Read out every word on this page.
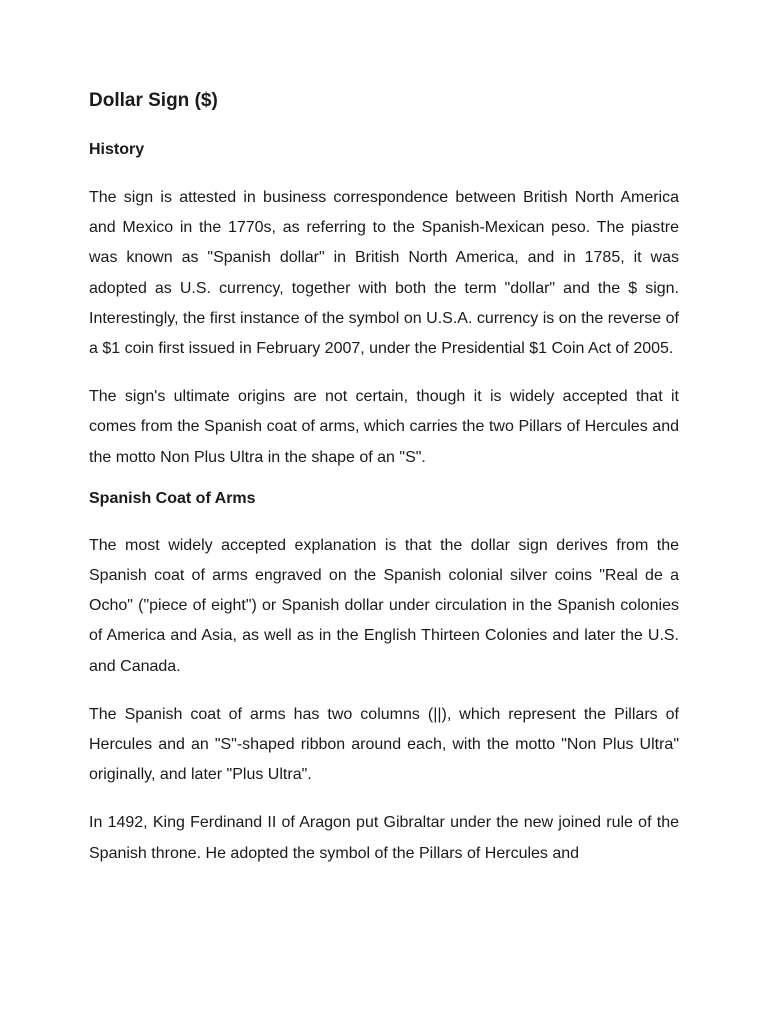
Dollar Sign ($)
History

The sign is attested in business correspondence between British North America and Mexico in the 1770s, as referring to the Spanish-Mexican peso. The piastre was known as "Spanish dollar" in British North America, and in 1785, it was adopted as U.S. currency, together with both the term "dollar" and the $ sign. Interestingly, the first instance of the symbol on U.S.A. currency is on the reverse of a $1 coin first issued in February 2007, under the Presidential $1 Coin Act of 2005.

The sign's ultimate origins are not certain, though it is widely accepted that it comes from the Spanish coat of arms, which carries the two Pillars of Hercules and the motto Non Plus Ultra in the shape of an "S".

Spanish Coat of Arms

The most widely accepted explanation is that the dollar sign derives from the Spanish coat of arms engraved on the Spanish colonial silver coins "Real de a Ocho" ("piece of eight") or Spanish dollar under circulation in the Spanish colonies of America and Asia, as well as in the English Thirteen Colonies and later the U.S. and Canada.

The Spanish coat of arms has two columns (||), which represent the Pillars of Hercules and an "S"-shaped ribbon around each, with the motto "Non Plus Ultra" originally, and later "Plus Ultra".

In 1492, King Ferdinand II of Aragon put Gibraltar under the new joined rule of the Spanish throne. He adopted the symbol of the Pillars of Hercules and
